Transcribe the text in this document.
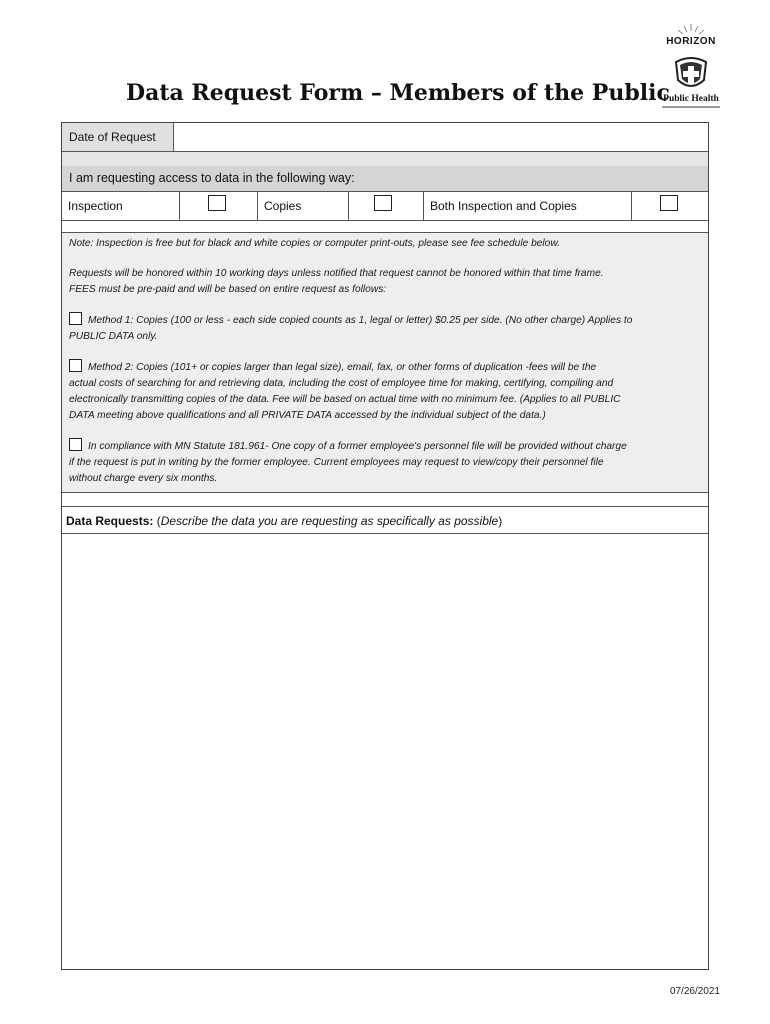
Data Request Form – Members of the Public
HORIZON
Public Health
Date of Request
I am requesting access to data in the following way:
Inspection	Copies	Both Inspection and Copies

Note: Inspection is free but for black and white copies or computer print-outs, please see fee schedule below.

Requests will be honored within 10 working days unless notified that request cannot be honored within that time frame.

FEES must be pre-paid and will be based on entire request as follows:

Method 1: Copies (100 or less - each side copied counts as 1, legal or letter) $0.25 per side. (No other charge) Applies to

PUBLIC DATA only.

Method 2: Copies (101+ or copies larger than legal size), email, fax, or other forms of duplication -fees will be the

actual costs of searching for and retrieving data, including the cost of employee time for making, certifying, compiling and

electronically transmitting copies of the data. Fee will be based on actual time with no minimum fee. (Applies to all PUBLIC

DATA meeting above qualifications and all PRIVATE DATA accessed by the individual subject of the data.)

In compliance with MN Statute 181.961- One copy of a former employee's personnel file will be provided without charge

if the request is put in writing by the former employee. Current employees may request to view/copy their personnel file

without charge every six months.

Data Requests: (Describe the data you are requesting as specifically as possible)
07/26/2021
